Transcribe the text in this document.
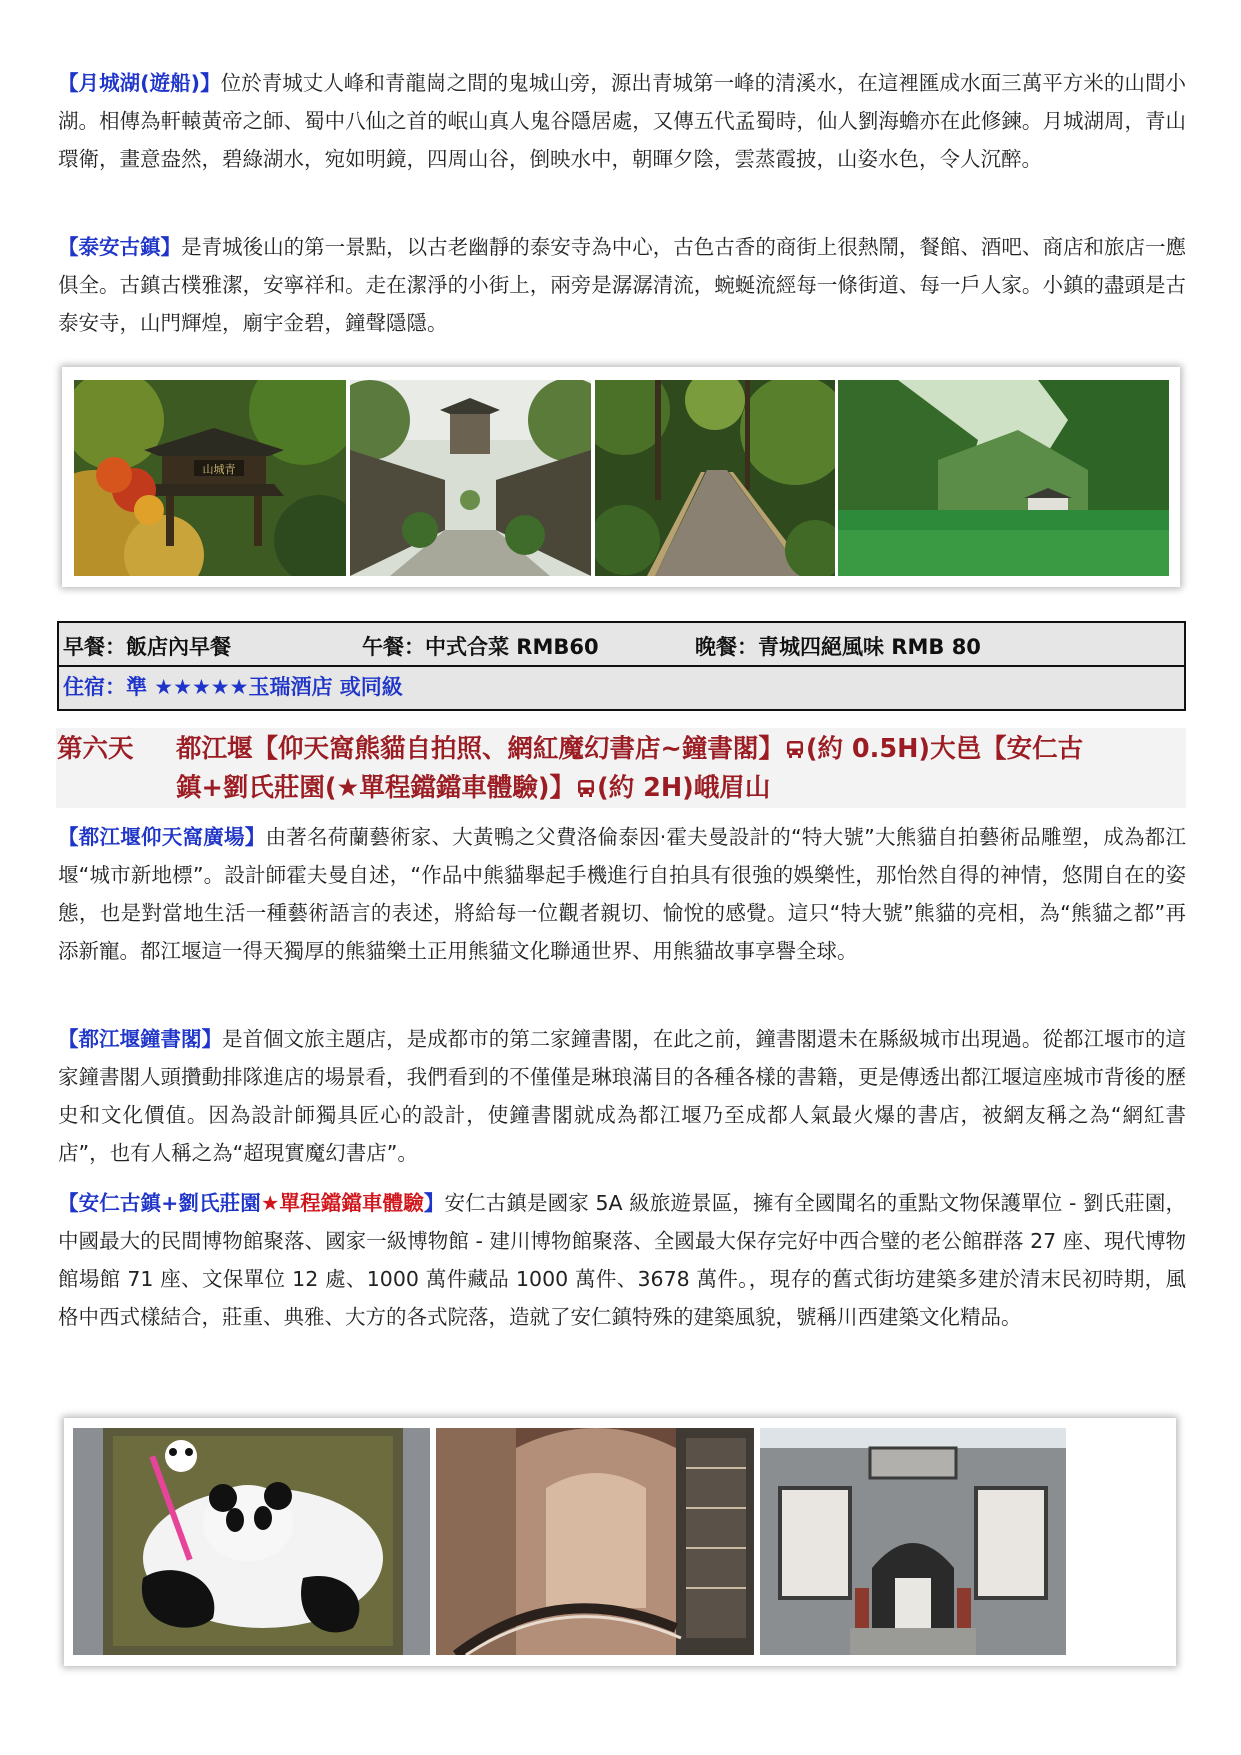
【月城湖(遊船)】位於青城丈人峰和青龍崗之間的鬼城山旁，源出青城第一峰的清溪水，在這裡匯成水面三萬平方米的山間小湖。相傳為軒轅黃帝之師、蜀中八仙之首的岷山真人鬼谷隱居處，又傳五代孟蜀時，仙人劉海蟾亦在此修鍊。月城湖周，青山環衛，畫意盎然，碧綠湖水，宛如明鏡，四周山谷，倒映水中，朝暉夕陰，雲蒸霞披，山姿水色，令人沉醉。

【泰安古鎮】是青城後山的第一景點，以古老幽靜的泰安寺為中心，古色古香的商街上很熱鬧，餐館、酒吧、商店和旅店一應俱全。古鎮古樸雅潔，安寧祥和。走在潔淨的小街上，兩旁是潺潺清流，蜿蜒流經每一條街道、每一戶人家。小鎮的盡頭是古泰安寺，山門輝煌，廟宇金碧，鐘聲隱隱。

山城青
早餐：飯店內早餐	午餐：中式合菜 RMB60	晚餐：青城四絕風味 RMB 80
住宿：準 ★★★★★玉瑞酒店 或同級
第六天 都江堰【仰天窩熊貓自拍照、網紅魔幻書店~鐘書閣】 (約 0.5H)大邑【安仁古
鎮+劉氏莊園(★單程鐺鐺車體驗)】 (約 2H)峨眉山

【都江堰仰天窩廣場】由著名荷蘭藝術家、大黃鴨之父費洛倫泰因·霍夫曼設計的“特大號”大熊貓自拍藝術品雕塑，成為都江堰“城市新地標”。設計師霍夫曼自述，“作品中熊貓舉起手機進行自拍具有很強的娛樂性，那怡然自得的神情，悠閒自在的姿態，也是對當地生活一種藝術語言的表述，將給每一位觀者親切、愉悅的感覺。這只“特大號”熊貓的亮相，為“熊貓之都”再添新寵。都江堰這一得天獨厚的熊貓樂土正用熊貓文化聯通世界、用熊貓故事享譽全球。

【都江堰鐘書閣】是首個文旅主題店，是成都市的第二家鐘書閣，在此之前，鐘書閣還未在縣級城市出現過。從都江堰市的這家鐘書閣人頭攢動排隊進店的場景看，我們看到的不僅僅是琳琅滿目的各種各樣的書籍，更是傳透出都江堰這座城市背後的歷史和文化價值。因為設計師獨具匠心的設計，使鐘書閣就成為都江堰乃至成都人氣最火爆的書店，被網友稱之為“網紅書店”，也有人稱之為“超現實魔幻書店”。

【安仁古鎮+劉氏莊園★單程鐺鐺車體驗】安仁古鎮是國家 5A 級旅遊景區，擁有全國聞名的重點文物保護單位 - 劉氏莊園，中國最大的民間博物館聚落、國家一級博物館 - 建川博物館聚落、全國最大保存完好中西合璧的老公館群落 27 座、現代博物館場館 71 座、文保單位 12 處、1000 萬件藏品 1000 萬件、3678 萬件。，現存的舊式街坊建築多建於清末民初時期，風格中西式樣結合，莊重、典雅、大方的各式院落，造就了安仁鎮特殊的建築風貌，號稱川西建築文化精品。
